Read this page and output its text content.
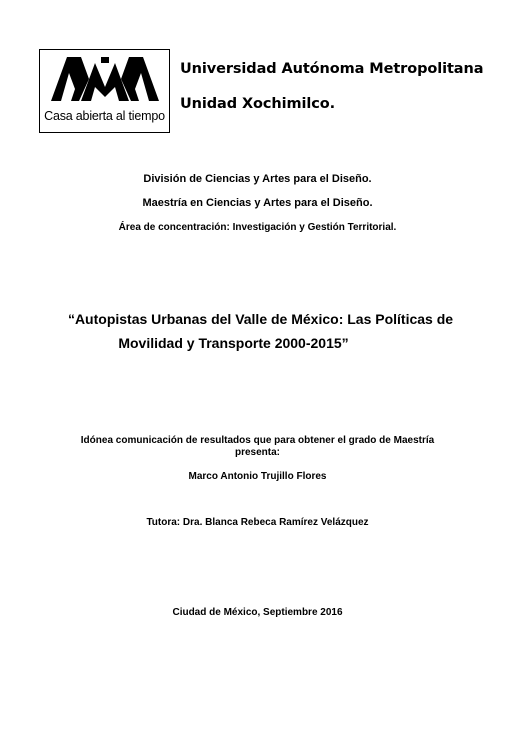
Casa abierta al tiempo
Universidad Autónoma Metropolitana
Unidad Xochimilco.
División de Ciencias y Artes para el Diseño.
Maestría en Ciencias y Artes para el Diseño.
Área de concentración: Investigación y Gestión Territorial.
“Autopistas Urbanas del Valle de México: Las Políticas de
Movilidad y Transporte 2000-2015”
Idónea comunicación de resultados que para obtener el grado de Maestría
presenta:
Marco Antonio Trujillo Flores
Tutora: Dra. Blanca Rebeca Ramírez Velázquez
Ciudad de México, Septiembre 2016
